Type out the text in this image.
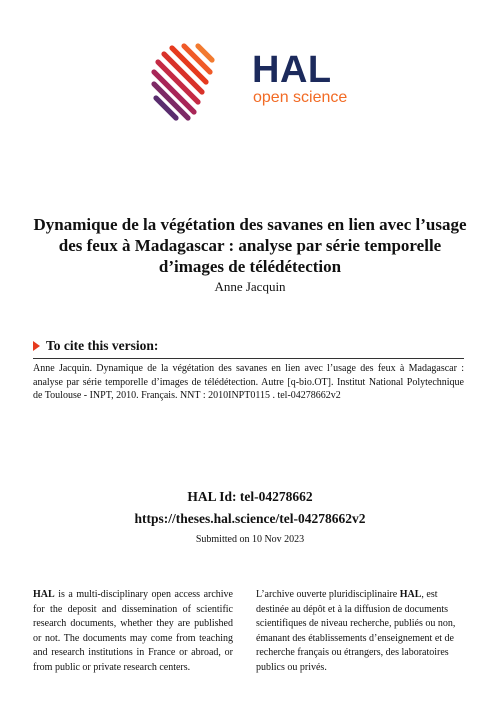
HAL
open science
Dynamique de la végétation des savanes en lien avec l’usage des feux à Madagascar : analyse par série temporelle d’images de télédétection
Anne Jacquin
To cite this version:
Anne Jacquin. Dynamique de la végétation des savanes en lien avec l’usage des feux à Madagascar : analyse par série temporelle d’images de télédétection. Autre [q-bio.OT]. Institut National Polytechnique de Toulouse - INPT, 2010. Français. NNT : 2010INPT0115 . tel-04278662v2
HAL Id: tel-04278662
https://theses.hal.science/tel-04278662v2
Submitted on 10 Nov 2023
HAL is a multi-disciplinary open access archive for the deposit and dissemination of scientific research documents, whether they are published or not. The documents may come from teaching and research institutions in France or abroad, or from public or private research centers.
L’archive ouverte pluridisciplinaire HAL, est destinée au dépôt et à la diffusion de documents scientifiques de niveau recherche, publiés ou non, émanant des établissements d’enseignement et de recherche français ou étrangers, des laboratoires publics ou privés.
